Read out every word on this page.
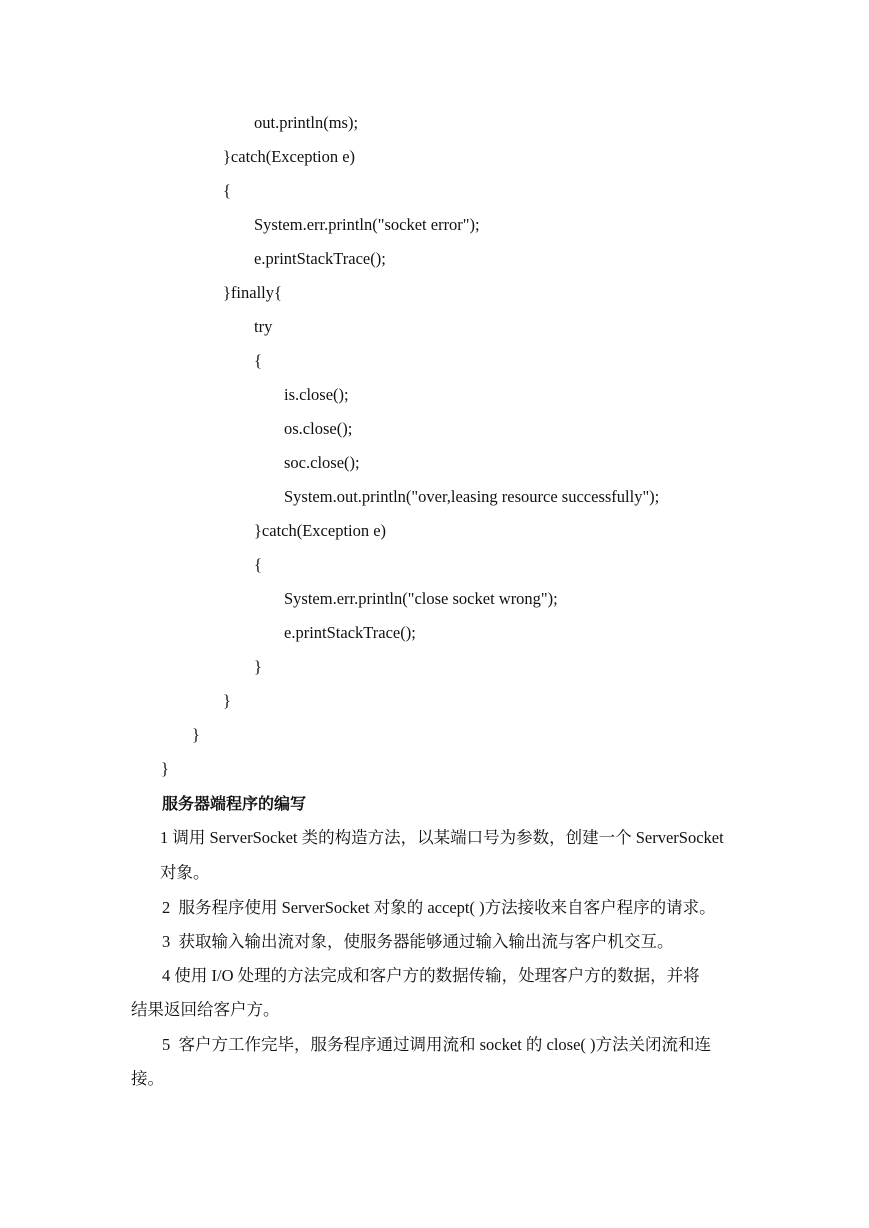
out.println(ms);
}catch(Exception e)
{
System.err.println("socket error");
e.printStackTrace();
}finally{
try
{
is.close();
os.close();
soc.close();
System.out.println("over,leasing resource successfully");
}catch(Exception e)
{
System.err.println("close socket wrong");
e.printStackTrace();
}
}
}
}
服务器端程序的编写
1 调用 ServerSocket 类的构造方法，以某端口号为参数，创建一个 ServerSocket
对象。
2  服务程序使用 ServerSocket 对象的 accept( )方法接收来自客户程序的请求。
3  获取输入输出流对象，使服务器能够通过输入输出流与客户机交互。
4 使用 I/O 处理的方法完成和客户方的数据传输，处理客户方的数据，并将
结果返回给客户方。
5  客户方工作完毕，服务程序通过调用流和 socket 的 close( )方法关闭流和连
接。
